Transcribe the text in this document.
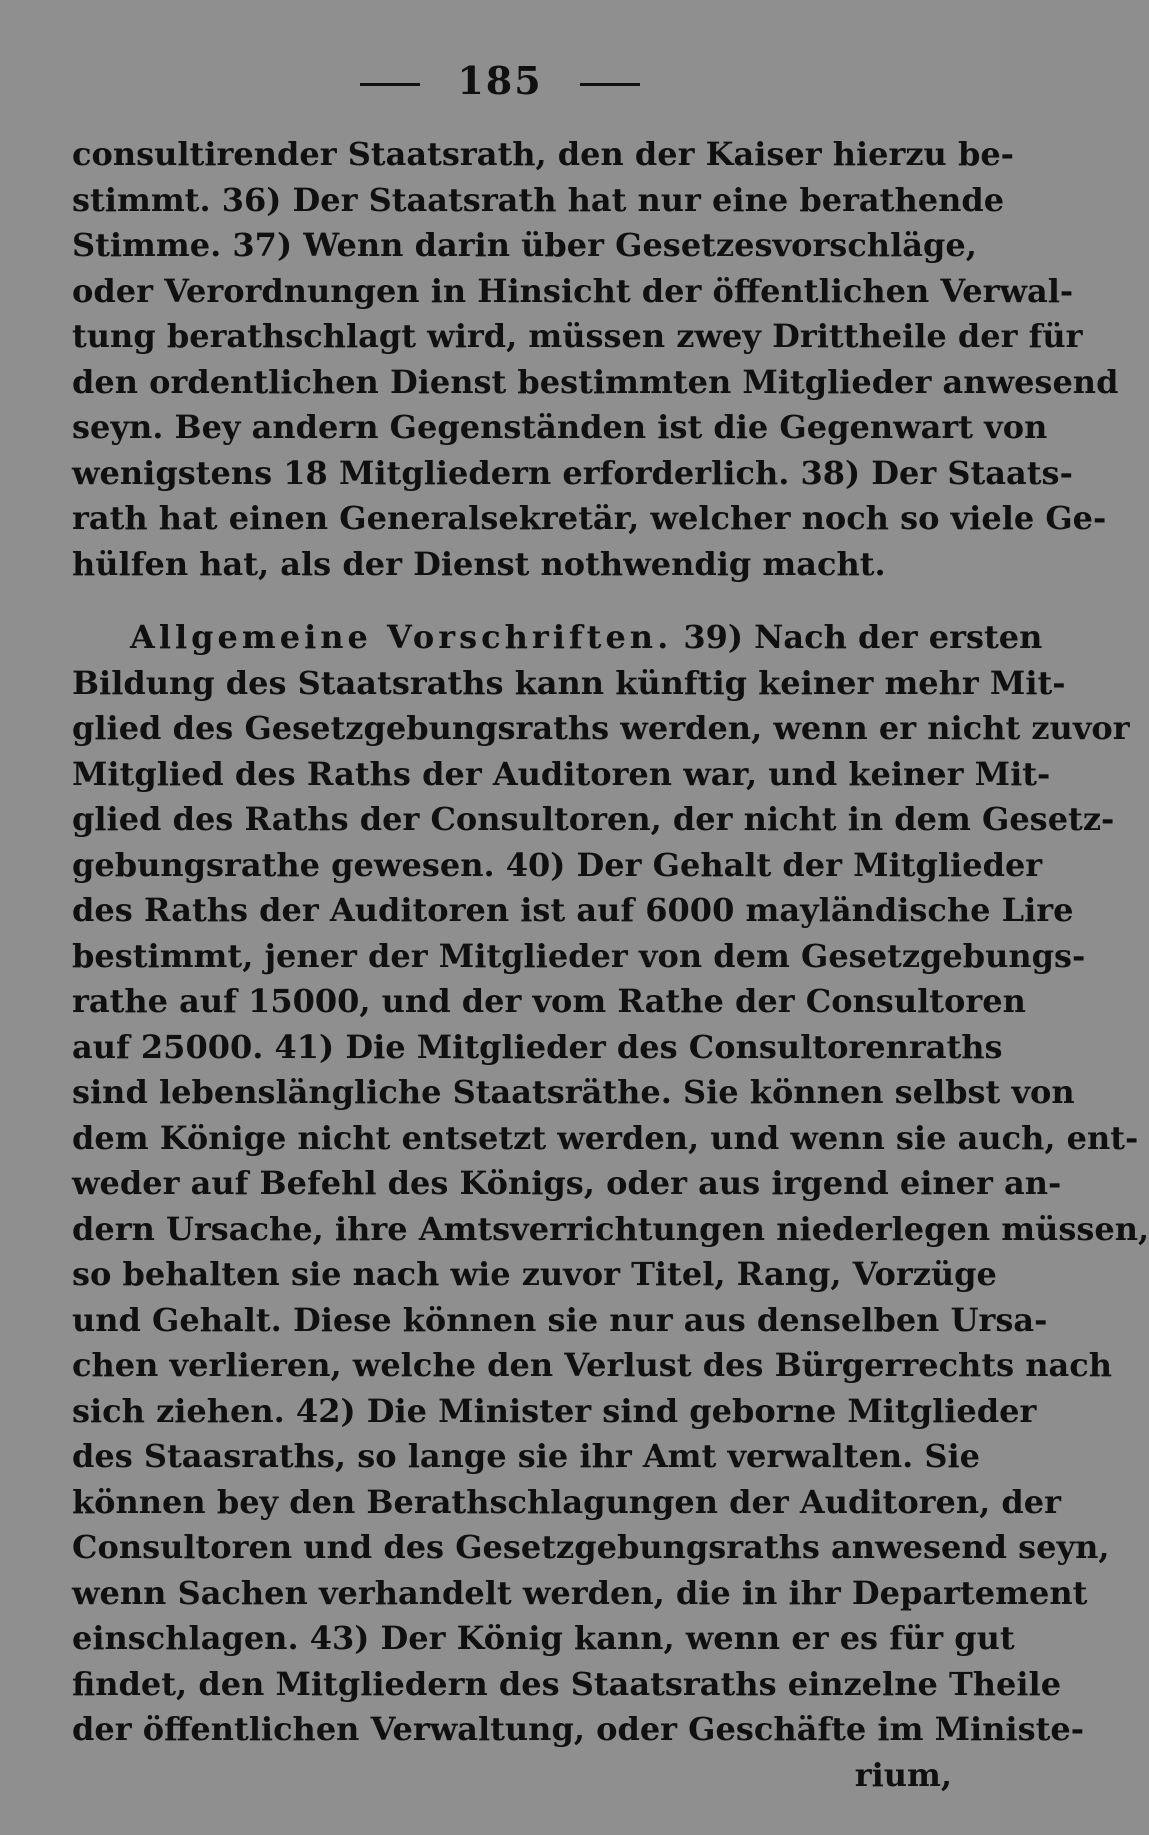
185
consultirender Staatsrath, den der Kaiser hierzu be-
stimmt. 36) Der Staatsrath hat nur eine berathende
Stimme. 37) Wenn darin über Gesetzesvorschläge,
oder Verordnungen in Hinsicht der öffentlichen Verwal-
tung berathschlagt wird, müssen zwey Drittheile der für
den ordentlichen Dienst bestimmten Mitglieder anwesend
seyn. Bey andern Gegenständen ist die Gegenwart von
wenigstens 18 Mitgliedern erforderlich. 38) Der Staats-
rath hat einen Generalsekretär, welcher noch so viele Ge-
hülfen hat, als der Dienst nothwendig macht.
Allgemeine Vorschriften. 39) Nach der ersten
Bildung des Staatsraths kann künftig keiner mehr Mit-
glied des Gesetzgebungsraths werden, wenn er nicht zuvor
Mitglied des Raths der Auditoren war, und keiner Mit-
glied des Raths der Consultoren, der nicht in dem Gesetz-
gebungsrathe gewesen. 40) Der Gehalt der Mitglieder
des Raths der Auditoren ist auf 6000 mayländische Lire
bestimmt, jener der Mitglieder von dem Gesetzgebungs-
rathe auf 15000, und der vom Rathe der Consultoren
auf 25000. 41) Die Mitglieder des Consultorenraths
sind lebenslängliche Staatsräthe. Sie können selbst von
dem Könige nicht entsetzt werden, und wenn sie auch, ent-
weder auf Befehl des Königs, oder aus irgend einer an-
dern Ursache, ihre Amtsverrichtungen niederlegen müssen,
so behalten sie nach wie zuvor Titel, Rang, Vorzüge
und Gehalt. Diese können sie nur aus denselben Ursa-
chen verlieren, welche den Verlust des Bürgerrechts nach
sich ziehen. 42) Die Minister sind geborne Mitglieder
des Staasraths, so lange sie ihr Amt verwalten. Sie
können bey den Berathschlagungen der Auditoren, der
Consultoren und des Gesetzgebungsraths anwesend seyn,
wenn Sachen verhandelt werden, die in ihr Departement
einschlagen. 43) Der König kann, wenn er es für gut
findet, den Mitgliedern des Staatsraths einzelne Theile
der öffentlichen Verwaltung, oder Geschäfte im Ministe-
rium,
